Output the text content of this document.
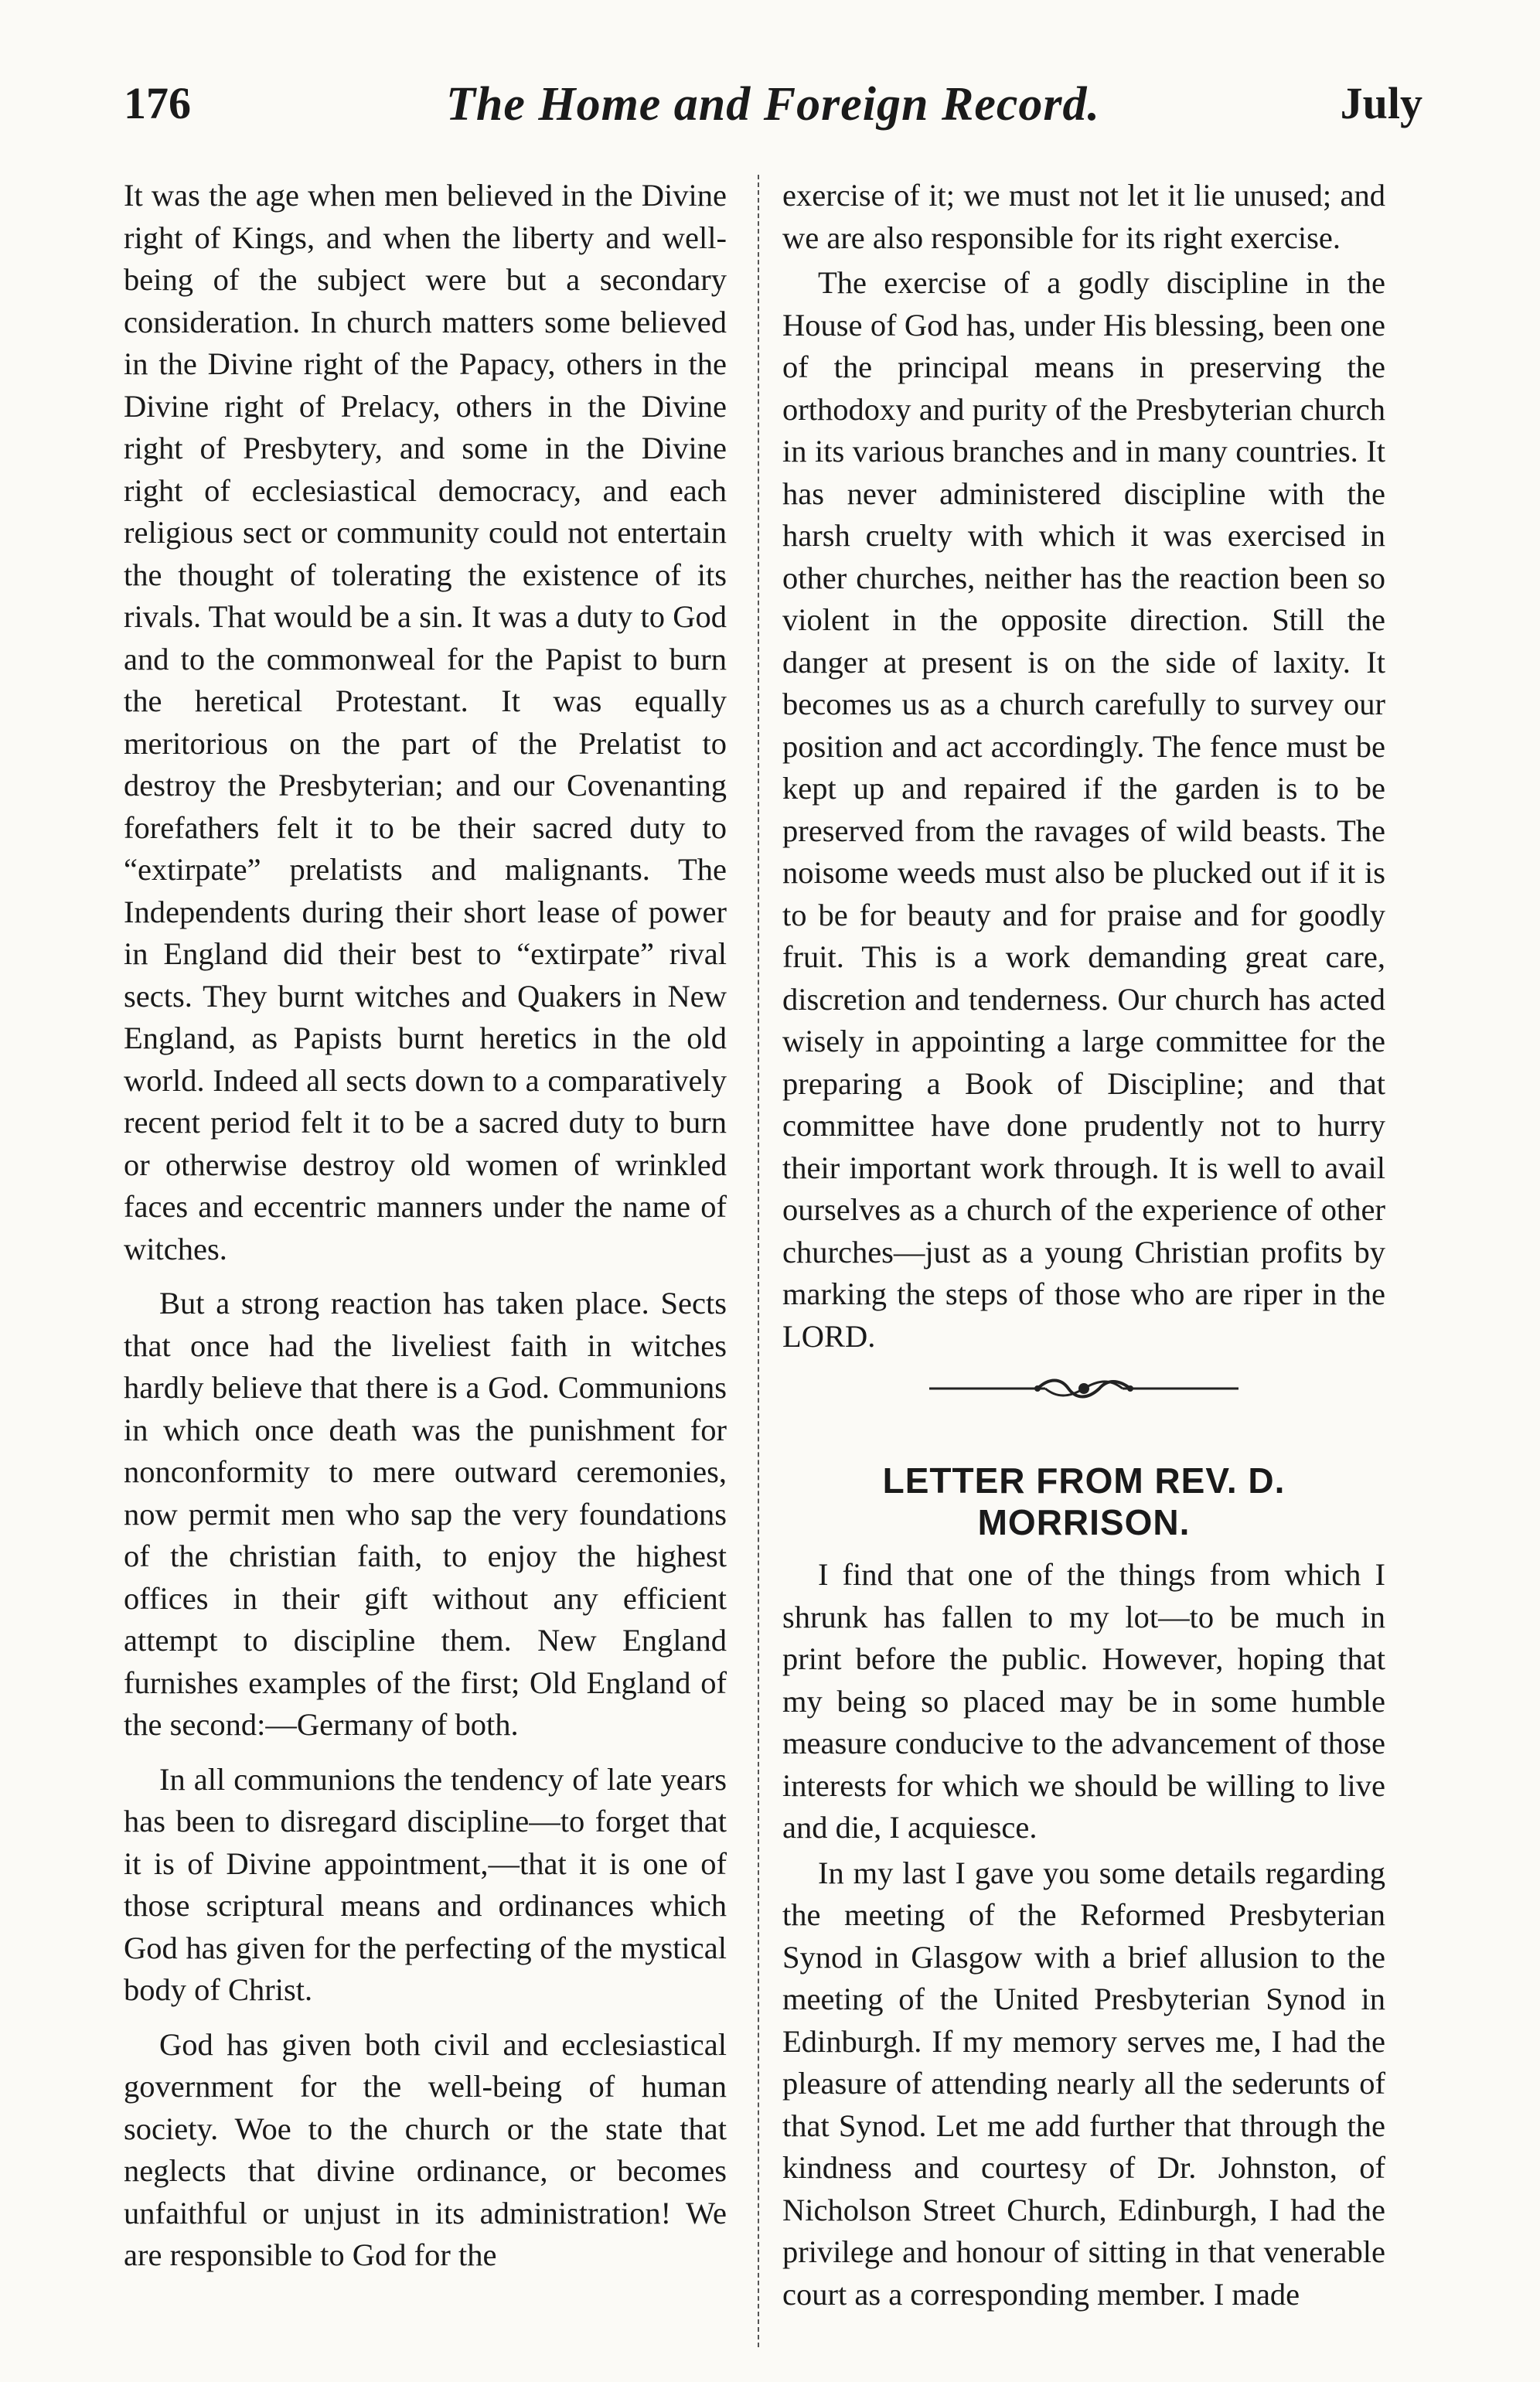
176	The Home and Foreign Record.	July

It was the age when men believed in the Divine right of Kings, and when the liberty and well-being of the subject were but a secondary consideration. In church matters some believed in the Divine right of the Papacy, others in the Divine right of Prelacy, others in the Divine right of Presbytery, and some in the Divine right of ecclesiastical democracy, and each religious sect or community could not entertain the thought of tolerating the existence of its rivals. That would be a sin. It was a duty to God and to the commonweal for the Papist to burn the heretical Protestant. It was equally meritorious on the part of the Prelatist to destroy the Presbyterian; and our Covenanting forefathers felt it to be their sacred duty to “extirpate” prelatists and malignants. The Independents during their short lease of power in England did their best to “extirpate” rival sects. They burnt witches and Quakers in New England, as Papists burnt heretics in the old world. Indeed all sects down to a comparatively recent period felt it to be a sacred duty to burn or otherwise destroy old women of wrinkled faces and eccentric manners under the name of witches.

But a strong reaction has taken place. Sects that once had the liveliest faith in witches hardly believe that there is a God. Communions in which once death was the punishment for nonconformity to mere outward ceremonies, now permit men who sap the very foundations of the christian faith, to enjoy the highest offices in their gift without any efficient attempt to discipline them. New England furnishes examples of the first; Old England of the second:—Germany of both.

In all communions the tendency of late years has been to disregard discipline—to forget that it is of Divine appointment,—that it is one of those scriptural means and ordinances which God has given for the perfecting of the mystical body of Christ.

God has given both civil and ecclesiastical government for the well-being of human society. Woe to the church or the state that neglects that divine ordinance, or becomes unfaithful or unjust in its administration! We are responsible to God for the

exercise of it; we must not let it lie unused; and we are also responsible for its right exercise.

The exercise of a godly discipline in the House of God has, under His blessing, been one of the principal means in preserving the orthodoxy and purity of the Presbyterian church in its various branches and in many countries. It has never administered discipline with the harsh cruelty with which it was exercised in other churches, neither has the reaction been so violent in the opposite direction. Still the danger at present is on the side of laxity. It becomes us as a church carefully to survey our position and act accordingly. The fence must be kept up and repaired if the garden is to be preserved from the ravages of wild beasts. The noisome weeds must also be plucked out if it is to be for beauty and for praise and for goodly fruit. This is a work demanding great care, discretion and tenderness. Our church has acted wisely in appointing a large committee for the preparing a Book of Discipline; and that committee have done prudently not to hurry their important work through. It is well to avail ourselves as a church of the experience of other churches—just as a young Christian profits by marking the steps of those who are riper in the LORD.

LETTER FROM REV. D. MORRISON.

I find that one of the things from which I shrunk has fallen to my lot—to be much in print before the public. However, hoping that my being so placed may be in some humble measure conducive to the advancement of those interests for which we should be willing to live and die, I acquiesce.

In my last I gave you some details regarding the meeting of the Reformed Presbyterian Synod in Glasgow with a brief allusion to the meeting of the United Presbyterian Synod in Edinburgh. If my memory serves me, I had the pleasure of attending nearly all the sederunts of that Synod. Let me add further that through the kindness and courtesy of Dr. Johnston, of Nicholson Street Church, Edinburgh, I had the privilege and honour of sitting in that venerable court as a corresponding member. I made
